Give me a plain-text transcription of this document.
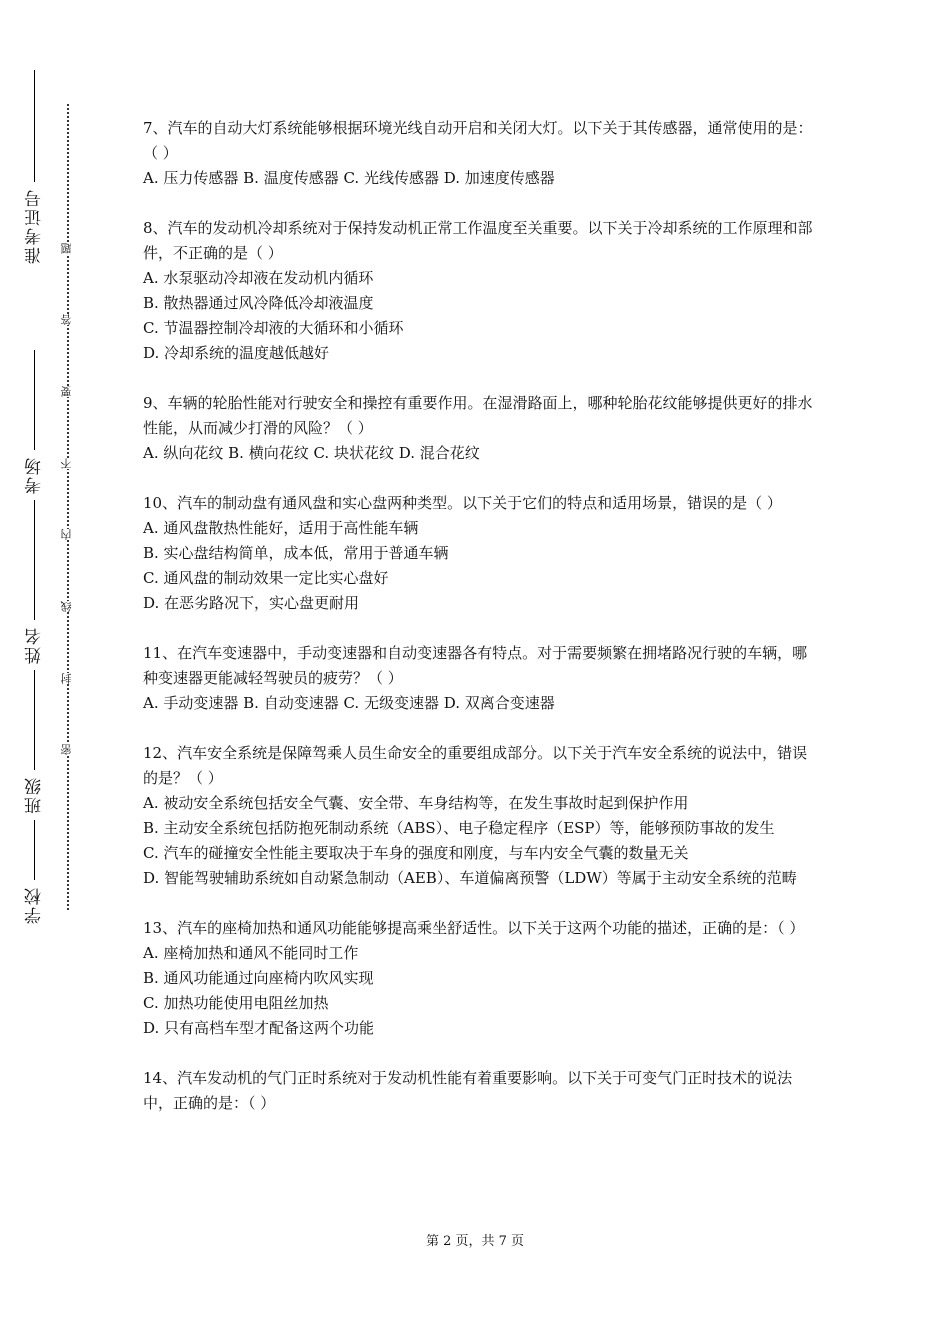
准考证号
考场
姓名
班级
学校
题
答
要
不
内
线
封
密

7、汽车的自动大灯系统能够根据环境光线自动开启和关闭大灯。以下关于其传感器，通常使用的是：（ ）

A. 压力传感器 B. 温度传感器 C. 光线传感器 D. 加速度传感器

8、汽车的发动机冷却系统对于保持发动机正常工作温度至关重要。以下关于冷却系统的工作原理和部件，不正确的是（ ）

A. 水泵驱动冷却液在发动机内循环

B. 散热器通过风冷降低冷却液温度

C. 节温器控制冷却液的大循环和小循环

D. 冷却系统的温度越低越好

9、车辆的轮胎性能对行驶安全和操控有重要作用。在湿滑路面上，哪种轮胎花纹能够提供更好的排水性能，从而减少打滑的风险？（ ）

A. 纵向花纹 B. 横向花纹 C. 块状花纹 D. 混合花纹

10、汽车的制动盘有通风盘和实心盘两种类型。以下关于它们的特点和适用场景，错误的是（ ）

A. 通风盘散热性能好，适用于高性能车辆

B. 实心盘结构简单，成本低，常用于普通车辆

C. 通风盘的制动效果一定比实心盘好

D. 在恶劣路况下，实心盘更耐用

11、在汽车变速器中，手动变速器和自动变速器各有特点。对于需要频繁在拥堵路况行驶的车辆，哪种变速器更能减轻驾驶员的疲劳？（ ）

A. 手动变速器 B. 自动变速器 C. 无级变速器 D. 双离合变速器

12、汽车安全系统是保障驾乘人员生命安全的重要组成部分。以下关于汽车安全系统的说法中，错误的是？（ ）

A. 被动安全系统包括安全气囊、安全带、车身结构等，在发生事故时起到保护作用

B. 主动安全系统包括防抱死制动系统（ABS）、电子稳定程序（ESP）等，能够预防事故的发生

C. 汽车的碰撞安全性能主要取决于车身的强度和刚度，与车内安全气囊的数量无关

D. 智能驾驶辅助系统如自动紧急制动（AEB）、车道偏离预警（LDW）等属于主动安全系统的范畴

13、汽车的座椅加热和通风功能能够提高乘坐舒适性。以下关于这两个功能的描述，正确的是：（ ）

A. 座椅加热和通风不能同时工作

B. 通风功能通过向座椅内吹风实现

C. 加热功能使用电阻丝加热

D. 只有高档车型才配备这两个功能

14、汽车发动机的气门正时系统对于发动机性能有着重要影响。以下关于可变气门正时技术的说法中，正确的是：（ ）

第 2 页，共 7 页
